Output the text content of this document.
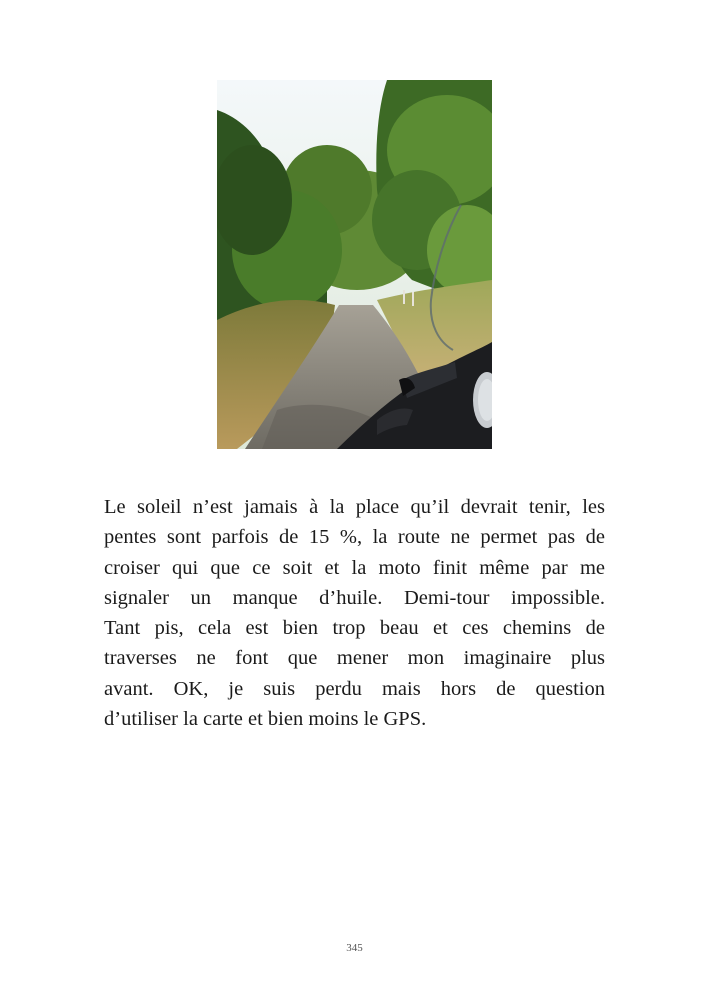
Le soleil n’est jamais à la place qu’il devrait tenir, les
pentes sont parfois de 15 %, la route ne permet pas de
croiser qui que ce soit et la moto finit même par me
signaler un manque d’huile. Demi-tour impossible.
Tant pis, cela est bien trop beau et ces chemins de
traverses ne font que mener mon imaginaire plus
avant. OK, je suis perdu mais hors de question
d’utiliser la carte et bien moins le GPS.
345
